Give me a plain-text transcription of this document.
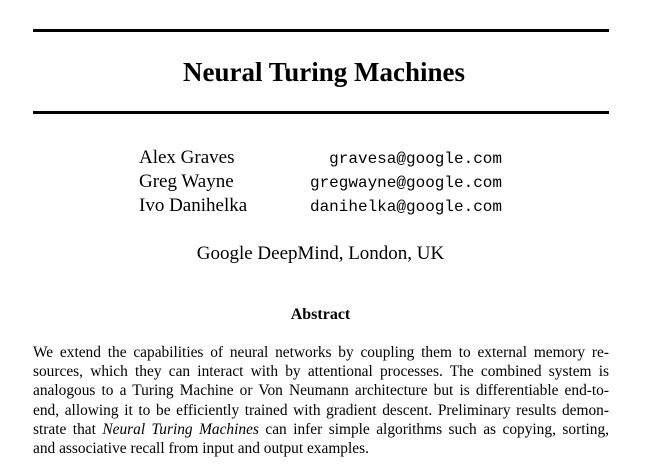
Neural Turing Machines
Alex Graves	gravesa@google.com
Greg Wayne	gregwayne@google.com
Ivo Danihelka	danihelka@google.com
Google DeepMind, London, UK
Abstract
We extend the capabilities of neural networks by coupling them to external memory re-
sources, which they can interact with by attentional processes. The combined system is
analogous to a Turing Machine or Von Neumann architecture but is differentiable end-to-
end, allowing it to be efficiently trained with gradient descent. Preliminary results demon-
strate that Neural Turing Machines can infer simple algorithms such as copying, sorting,
and associative recall from input and output examples.
